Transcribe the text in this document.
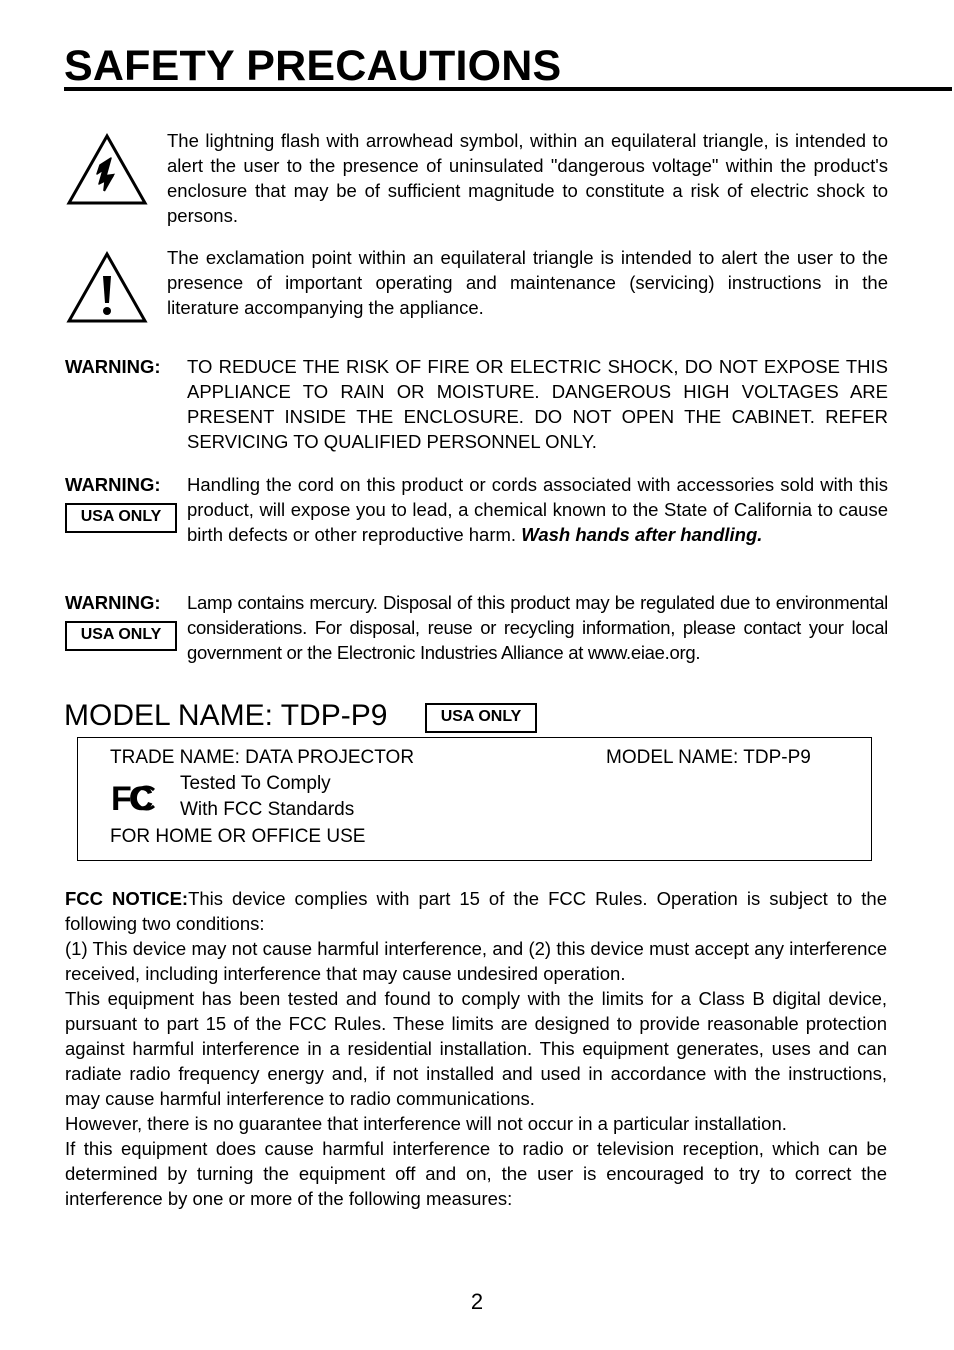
SAFETY PRECAUTIONS

The lightning flash with arrowhead symbol, within an equilateral triangle, is intended to alert the user to the presence of uninsulated "dangerous voltage" within the product's enclosure that may be of sufficient magnitude to constitute a risk of electric shock to persons.

The exclamation point within an equilateral triangle is intended to alert the user to the presence of important operating and maintenance (servicing) instructions in the literature accompanying the appliance.

WARNING: TO REDUCE THE RISK OF FIRE OR ELECTRIC SHOCK, DO NOT EXPOSE THIS APPLIANCE TO RAIN OR MOISTURE. DANGEROUS HIGH VOLTAGES ARE PRESENT INSIDE THE ENCLOSURE. DO NOT OPEN THE CABINET. REFER SERVICING TO QUALIFIED PERSONNEL ONLY.

WARNING:
USA ONLY

Handling the cord on this product or cords associated with accessories sold with this product, will expose you to lead, a chemical known to the State of California to cause birth defects or other reproductive harm. Wash hands after handling.

WARNING:
USA ONLY

Lamp contains mercury. Disposal of this product may be regulated due to environmental considerations. For disposal, reuse or recycling information, please contact your local government or the Electronic Industries Alliance at www.eiae.org.

MODEL NAME: TDP-P9	USA ONLY
TRADE NAME: DATA PROJECTOR	MODEL NAME: TDP-P9
FC Tested To Comply
With FCC Standards
FOR HOME OR OFFICE USE

FCC NOTICE:This device complies with part 15 of the FCC Rules. Operation is subject to the following two conditions:

(1) This device may not cause harmful interference, and (2) this device must accept any interference received, including interference that may cause undesired operation.

This equipment has been tested and found to comply with the limits for a Class B digital device, pursuant to part 15 of the FCC Rules. These limits are designed to provide reasonable protection against harmful interference in a residential installation. This equipment generates, uses and can radiate radio frequency energy and, if not installed and used in accordance with the instructions, may cause harmful interference to radio communications.

However, there is no guarantee that interference will not occur in a particular installation.

If this equipment does cause harmful interference to radio or television reception, which can be determined by turning the equipment off and on, the user is encouraged to try to correct the interference by one or more of the following measures:

2
